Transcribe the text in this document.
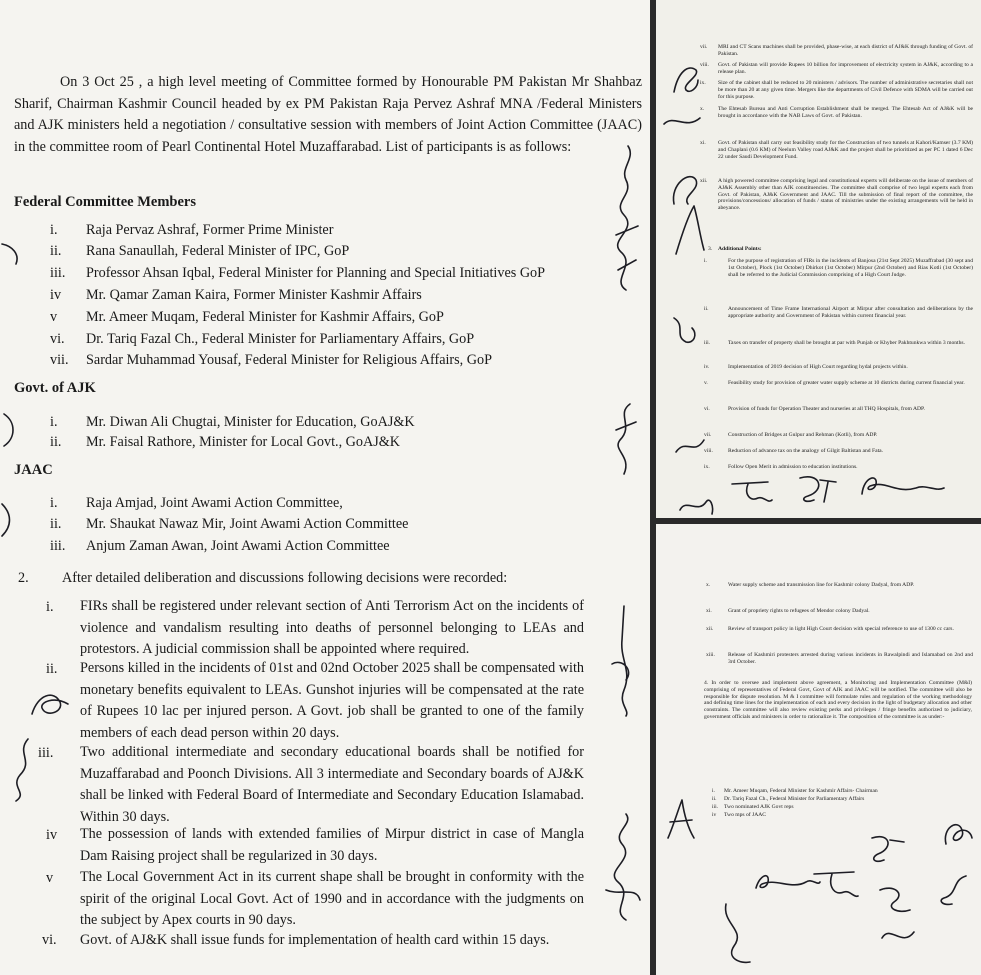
On 3 Oct 25 , a high level meeting of Committee formed by Honourable PM Pakistan Mr Shahbaz Sharif, Chairman Kashmir Council headed by ex PM Pakistan Raja Pervez Ashraf MNA /Federal Ministers and AJK ministers held a negotiation / consultative session with members of Joint Action Committee (JAAC) in the committee room of Pearl Continental Hotel Muzaffarabad. List of participants is as follows:
Federal Committee Members
i. Raja Pervaz Ashraf, Former Prime Minister
ii. Rana Sanaullah, Federal Minister of IPC, GoP
iii. Professor Ahsan Iqbal, Federal Minister for Planning and Special Initiatives GoP
iv Mr. Qamar Zaman Kaira, Former Minister Kashmir Affairs
v Mr. Ameer Muqam, Federal Minister for Kashmir Affairs, GoP
vi. Dr. Tariq Fazal Ch., Federal Minister for Parliamentary Affairs, GoP
vii. Sardar Muhammad Yousaf, Federal Minister for Religious Affairs, GoP
Govt. of AJK
i. Mr. Diwan Ali Chugtai, Minister for Education, GoAJ&K
ii. Mr. Faisal Rathore, Minister for Local Govt., GoAJ&K
JAAC
i. Raja Amjad, Joint Awami Action Committee,
ii. Mr. Shaukat Nawaz Mir, Joint Awami Action Committee
iii. Anjum Zaman Awan, Joint Awami Action Committee
2. After detailed deliberation and discussions following decisions were recorded:
i. FIRs shall be registered under relevant section of Anti Terrorism Act on the incidents of violence and vandalism resulting into deaths of personnel belonging to LEAs and protestors. A judicial commission shall be appointed where required.
ii. Persons killed in the incidents of 01st and 02nd October 2025 shall be compensated with monetary benefits equivalent to LEAs. Gunshot injuries will be compensated at the rate of Rupees 10 lac per injured person. A Govt. job shall be granted to one of the family members of each dead person within 20 days.
iii. Two additional intermediate and secondary educational boards shall be notified for Muzaffarabad and Poonch Divisions. All 3 intermediate and Secondary boards of AJ&K shall be linked with Federal Board of Intermediate and Secondary Education Islamabad. Within 30 days.
iv The possession of lands with extended families of Mirpur district in case of Mangla Dam Raising project shall be regularized in 30 days.
v The Local Government Act in its current shape shall be brought in conformity with the spirit of the original Local Govt. Act of 1990 and in accordance with the judgments on the subject by Apex courts in 90 days.
vi. Govt. of AJ&K shall issue funds for implementation of health card within 15 days.
vii. MRI and CT Scans machines shall be provided, phase-wise, at each district of AJ&K through funding of Govt. of Pakistan.
viii. Govt. of Pakistan will provide Rupees 10 billion for improvement of electricity system in AJ&K, according to a release plan.
ix. Size of the cabinet shall be reduced to 20 ministers / advisors. The number of administrative secretaries shall not be more than 20 at any given time. Mergers like the departments of Civil Defence with SDMA will be carried out for this purpose.
x. The Ehtesab Bureau and Anti Corruption Establishment shall be merged. The Ehtesab Act of AJ&K will be brought in accordance with the NAB Laws of Govt. of Pakistan.
xi. Govt. of Pakistan shall carry out feasibility study for the Construction of two tunnels at Kahori/Kamser (3.7 KM) and Chaplani (0.6 KM) of Neelum Valley road AJ&K and the project shall be prioritized as per PC 1 dated 6 Dec 22 under Saudi Development Fund.
xii. A high powered committee comprising legal and constitutional experts will deliberate on the issue of members of AJ&K Assembly other than AJK constituencies. The committee shall comprise of two legal experts each from Govt. of Pakistan, AJ&K Government and JAAC. Till the submission of final report of the committee, the provisions/concessions/ allocation of funds / status of ministries under the existing arrangements will be held in abeyance.
3. Additional Points:
i.	For the purpose of registration of FIRs in the incidents of Banjosa (21st Sept 2025) Muzaffrabad (30 sept and 1st October), Plock (1st October) Dhirkot (1st October) Mirpur (2nd October) and Rias Kotli (1st October) shall be referred to the Judicial Commission comprising of a High Court Judge.
ii.	Announcement of Time Frame International Airport at Mirpur after consultation and deliberations by the appropriate authority and Government of Pakistan within current financial year.
iii.	Taxes on transfer of property shall be brought at par with Punjab or Khyber Pakhtunkwa within 3 months.
iv.	Implementation of 2019 decision of High Court regarding hydal projects within.
v.	Feasibility study for provision of greater water supply scheme at 10 districts during current financial year.
vi.	Provision of funds for Operation Theater and nurseries at all THQ Hospitals, from ADP.
vii.	Construction of Bridges at Gulpur and Rehman (Kotli), from ADP.
viii.	Reduction of advance tax on the analogy of Gilgit Baltistan and Fata.
ix.	Follow Open Merit in admission to education institutions.
x.	Water supply scheme and transmission line for Kashmir colony Dadyal, from ADP.
xi.	Grant of propriety rights to refugees of Mendor colony Dadyal.
xii.	Review of transport policy in light High Court decision with special reference to use of 1300 cc cars.
xiii. Release of Kashmiri protesters arrested during various incidents in Rawalpindi and Islamabad on 2nd and 3rd October.
4. In order to oversee and implement above agreement, a Monitoring and Implementation Committee (M&I) comprising of representatives of Federal Govt, Govt of AJK and JAAC will be notified. The committee will also be responsible for dispute resolution. M & I committee will formulate rules and regulation of the working methodology and defining time lines for the implementation of each and every decision in the light of budgetary allocation and other constraints. The committee will also review existing perks and privileges / fringe benefits authorized to judiciary, government officials and ministers in order to rationalize it. The composition of the committee is as under:-
i. Mr. Ameer Muqam, Federal Minister for Kashmir Affairs- Chairman
ii. Dr. Tariq Fazal Ch., Federal Minister for Parliamentary Affairs
iii. Two nominated AJK Govt reps
iv Two mps of JAAC
